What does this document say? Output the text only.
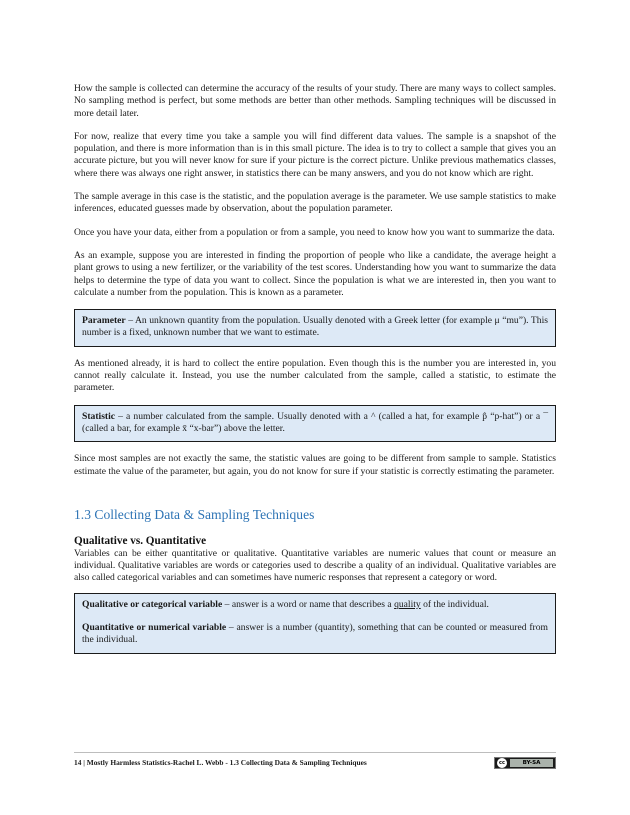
How the sample is collected can determine the accuracy of the results of your study. There are many ways to collect samples. No sampling method is perfect, but some methods are better than other methods. Sampling techniques will be discussed in more detail later.

For now, realize that every time you take a sample you will find different data values. The sample is a snapshot of the population, and there is more information than is in this small picture. The idea is to try to collect a sample that gives you an accurate picture, but you will never know for sure if your picture is the correct picture. Unlike previous mathematics classes, where there was always one right answer, in statistics there can be many answers, and you do not know which are right.

The sample average in this case is the statistic, and the population average is the parameter. We use sample statistics to make inferences, educated guesses made by observation, about the population parameter.

Once you have your data, either from a population or from a sample, you need to know how you want to summarize the data.

As an example, suppose you are interested in finding the proportion of people who like a candidate, the average height a plant grows to using a new fertilizer, or the variability of the test scores. Understanding how you want to summarize the data helps to determine the type of data you want to collect. Since the population is what we are interested in, then you want to calculate a number from the population. This is known as a parameter.

Parameter – An unknown quantity from the population. Usually denoted with a Greek letter (for example μ “mu”). This number is a fixed, unknown number that we want to estimate.

As mentioned already, it is hard to collect the entire population. Even though this is the number you are interested in, you cannot really calculate it. Instead, you use the number calculated from the sample, called a statistic, to estimate the parameter.

Statistic – a number calculated from the sample. Usually denoted with a ^ (called a hat, for example p̂ “p-hat”) or a ¯ (called a bar, for example x̄ “x-bar”) above the letter.

Since most samples are not exactly the same, the statistic values are going to be different from sample to sample. Statistics estimate the value of the parameter, but again, you do not know for sure if your statistic is correctly estimating the parameter.

1.3 Collecting Data & Sampling Techniques
Qualitative vs. Quantitative

Variables can be either quantitative or qualitative. Quantitative variables are numeric values that count or measure an individual. Qualitative variables are words or categories used to describe a quality of an individual. Qualitative variables are also called categorical variables and can sometimes have numeric responses that represent a category or word.

Qualitative or categorical variable – answer is a word or name that describes a quality of the individual.

Quantitative or numerical variable – answer is a number (quantity), something that can be counted or measured from the individual.

14 | Mostly Harmless Statistics-Rachel L. Webb - 1.3 Collecting Data & Sampling Techniques	cc	BY-SA
